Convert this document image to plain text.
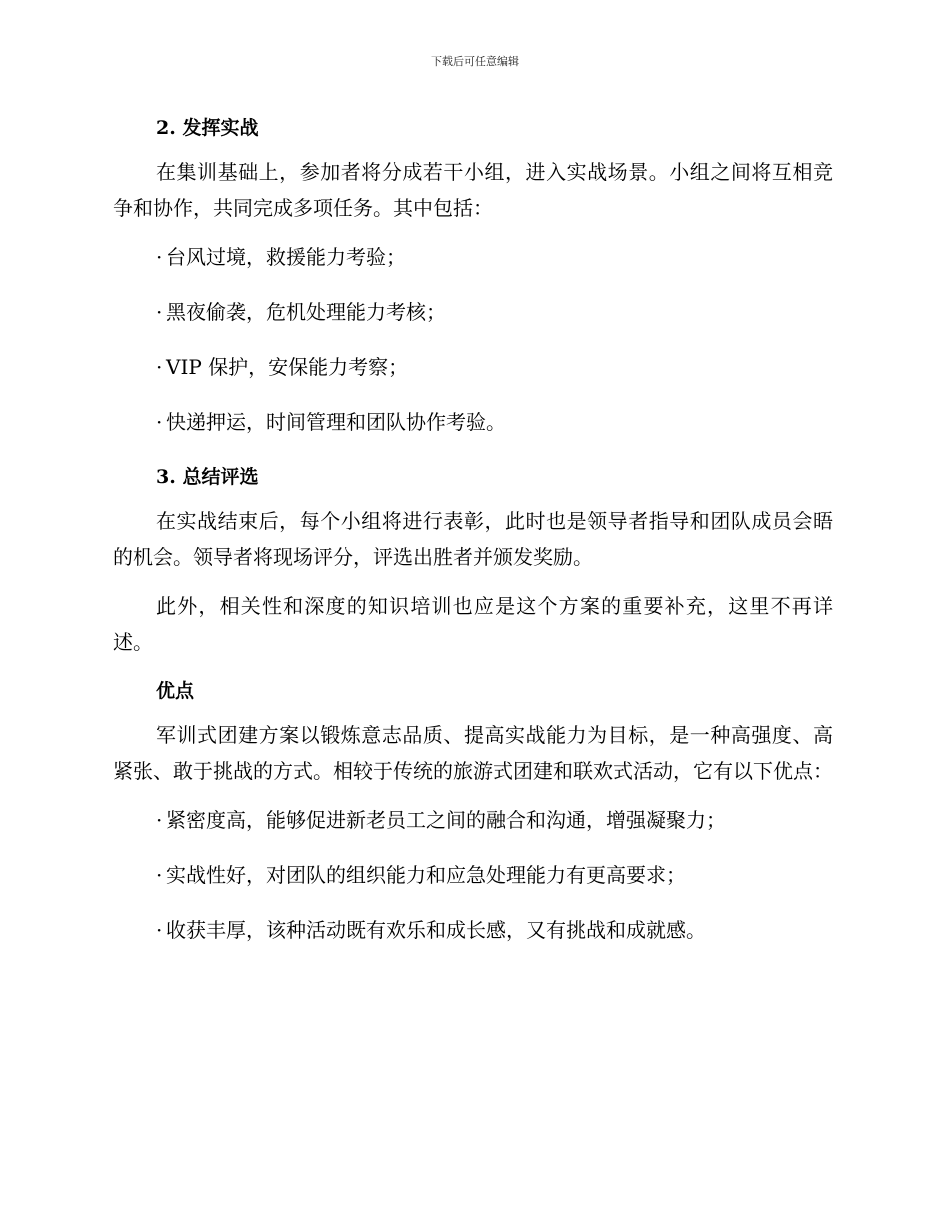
下载后可任意编辑
2. 发挥实战

在集训基础上，参加者将分成若干小组，进入实战场景。小组之间将互相竞争和协作，共同完成多项任务。其中包括：

· 台风过境，救援能力考验；
· 黑夜偷袭，危机处理能力考核；
· VIP 保护，安保能力考察；
· 快递押运，时间管理和团队协作考验。
3. 总结评选

在实战结束后，每个小组将进行表彰，此时也是领导者指导和团队成员会晤的机会。领导者将现场评分，评选出胜者并颁发奖励。

此外，相关性和深度的知识培训也应是这个方案的重要补充，这里不再详述。

优点

军训式团建方案以锻炼意志品质、提高实战能力为目标，是一种高强度、高紧张、敢于挑战的方式。相较于传统的旅游式团建和联欢式活动，它有以下优点：

· 紧密度高，能够促进新老员工之间的融合和沟通，增强凝聚力；
· 实战性好，对团队的组织能力和应急处理能力有更高要求；
· 收获丰厚，该种活动既有欢乐和成长感，又有挑战和成就感。
